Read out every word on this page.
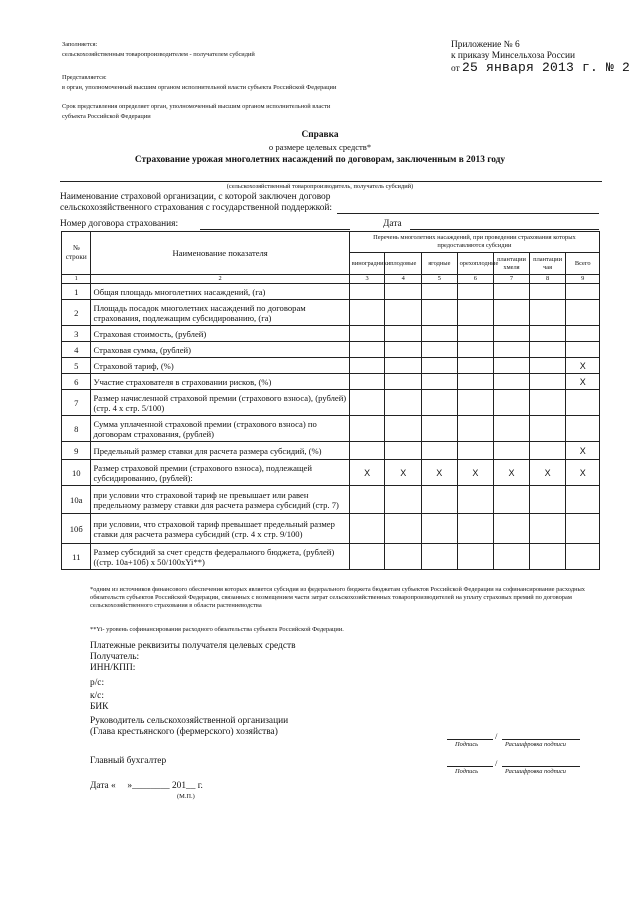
Заполняется:
сельскохозяйственным товаропроизводителем - получателем субсидий
Представляется:
в орган, уполномоченный высшим органом исполнительной власти субъекта Российской Федерации
Срок представления определяет орган, уполномоченный высшим органом исполнительной власти
субъекта Российской Федерации
Приложение № 6
к приказу Минсельхоза России
от 25 января 2013 г. № 2
Справка
о размере целевых средств*
Страхование урожая многолетних насаждений по договорам, заключенным в 2013 году
(сельскохозяйственный товаропроизводитель, получатель субсидий)
Наименование страховой организации, с которой заключен договор
сельскохозяйственного страхования с государственной поддержкой:
Номер договора страхования:	Дата
№ строки	Наименование показателя	Перечень многолетних насаждений, при проведении страхования которых предоставляются субсидии						
		виноградники	плодовые	ягодные	орехоплодные	плантации хмеля	плантации чая	Всего
1	2	3	4	5	6	7	8	9
1	Общая площадь многолетних насаждений, (га)							
2	Площадь посадок многолетних насаждений по договорам страхования, подлежащим субсидированию, (га)							
3	Страховая стоимость, (рублей)							
4	Страховая сумма, (рублей)							
5	Страховой тариф, (%)							X
6	Участие страхователя в страховании рисков, (%)							X
7	Размер начисленной страховой премии (страхового взноса), (рублей) (стр. 4 х стр. 5/100)							
8	Сумма уплаченной страховой премии (страхового взноса) по договорам страхования, (рублей)							
9	Предельный размер ставки для расчета размера субсидий, (%)							X
10	Размер страховой премии (страхового взноса), подлежащей субсидированию, (рублей):	X	X	X	X	X	X	X
10а	при условии что страховой тариф не превышает или равен предельному размеру ставки для расчета размера субсидий (стр. 7)							
10б	при условии, что страховой тариф превышает предельный размер ставки для расчета размера субсидий (стр. 4 х стр. 9/100)							
11	Размер субсидий за счет средств федерального бюджета, (рублей) ((стр. 10а+10б) х 50/100хYi**)							
*одним из источников финансового обеспечения которых является субсидия из федерального бюджета бюджетам субъектов Российской Федерации на софинансирование расходных обязательств субъектов Российской Федерации, связанных с возмещением части затрат сельскохозяйственных товаропроизводителей на уплату страховых премий по договорам сельскохозяйственного страхования в области растениеводства
**Yi- уровень софинансирования расходного обязательства субъекта Российской Федерации.
Платежные реквизиты получателя целевых средств
Получатель:
ИНН/КПП:
р/с:
к/с:
БИК
Руководитель сельскохозяйственной организации
(Глава крестьянского (фермерского) хозяйства)	/
Подпись	Расшифровка подписи
Главный бухгалтер	/
Подпись	Расшифровка подписи
Дата «     »________ 201__ г.
(М.П.)
